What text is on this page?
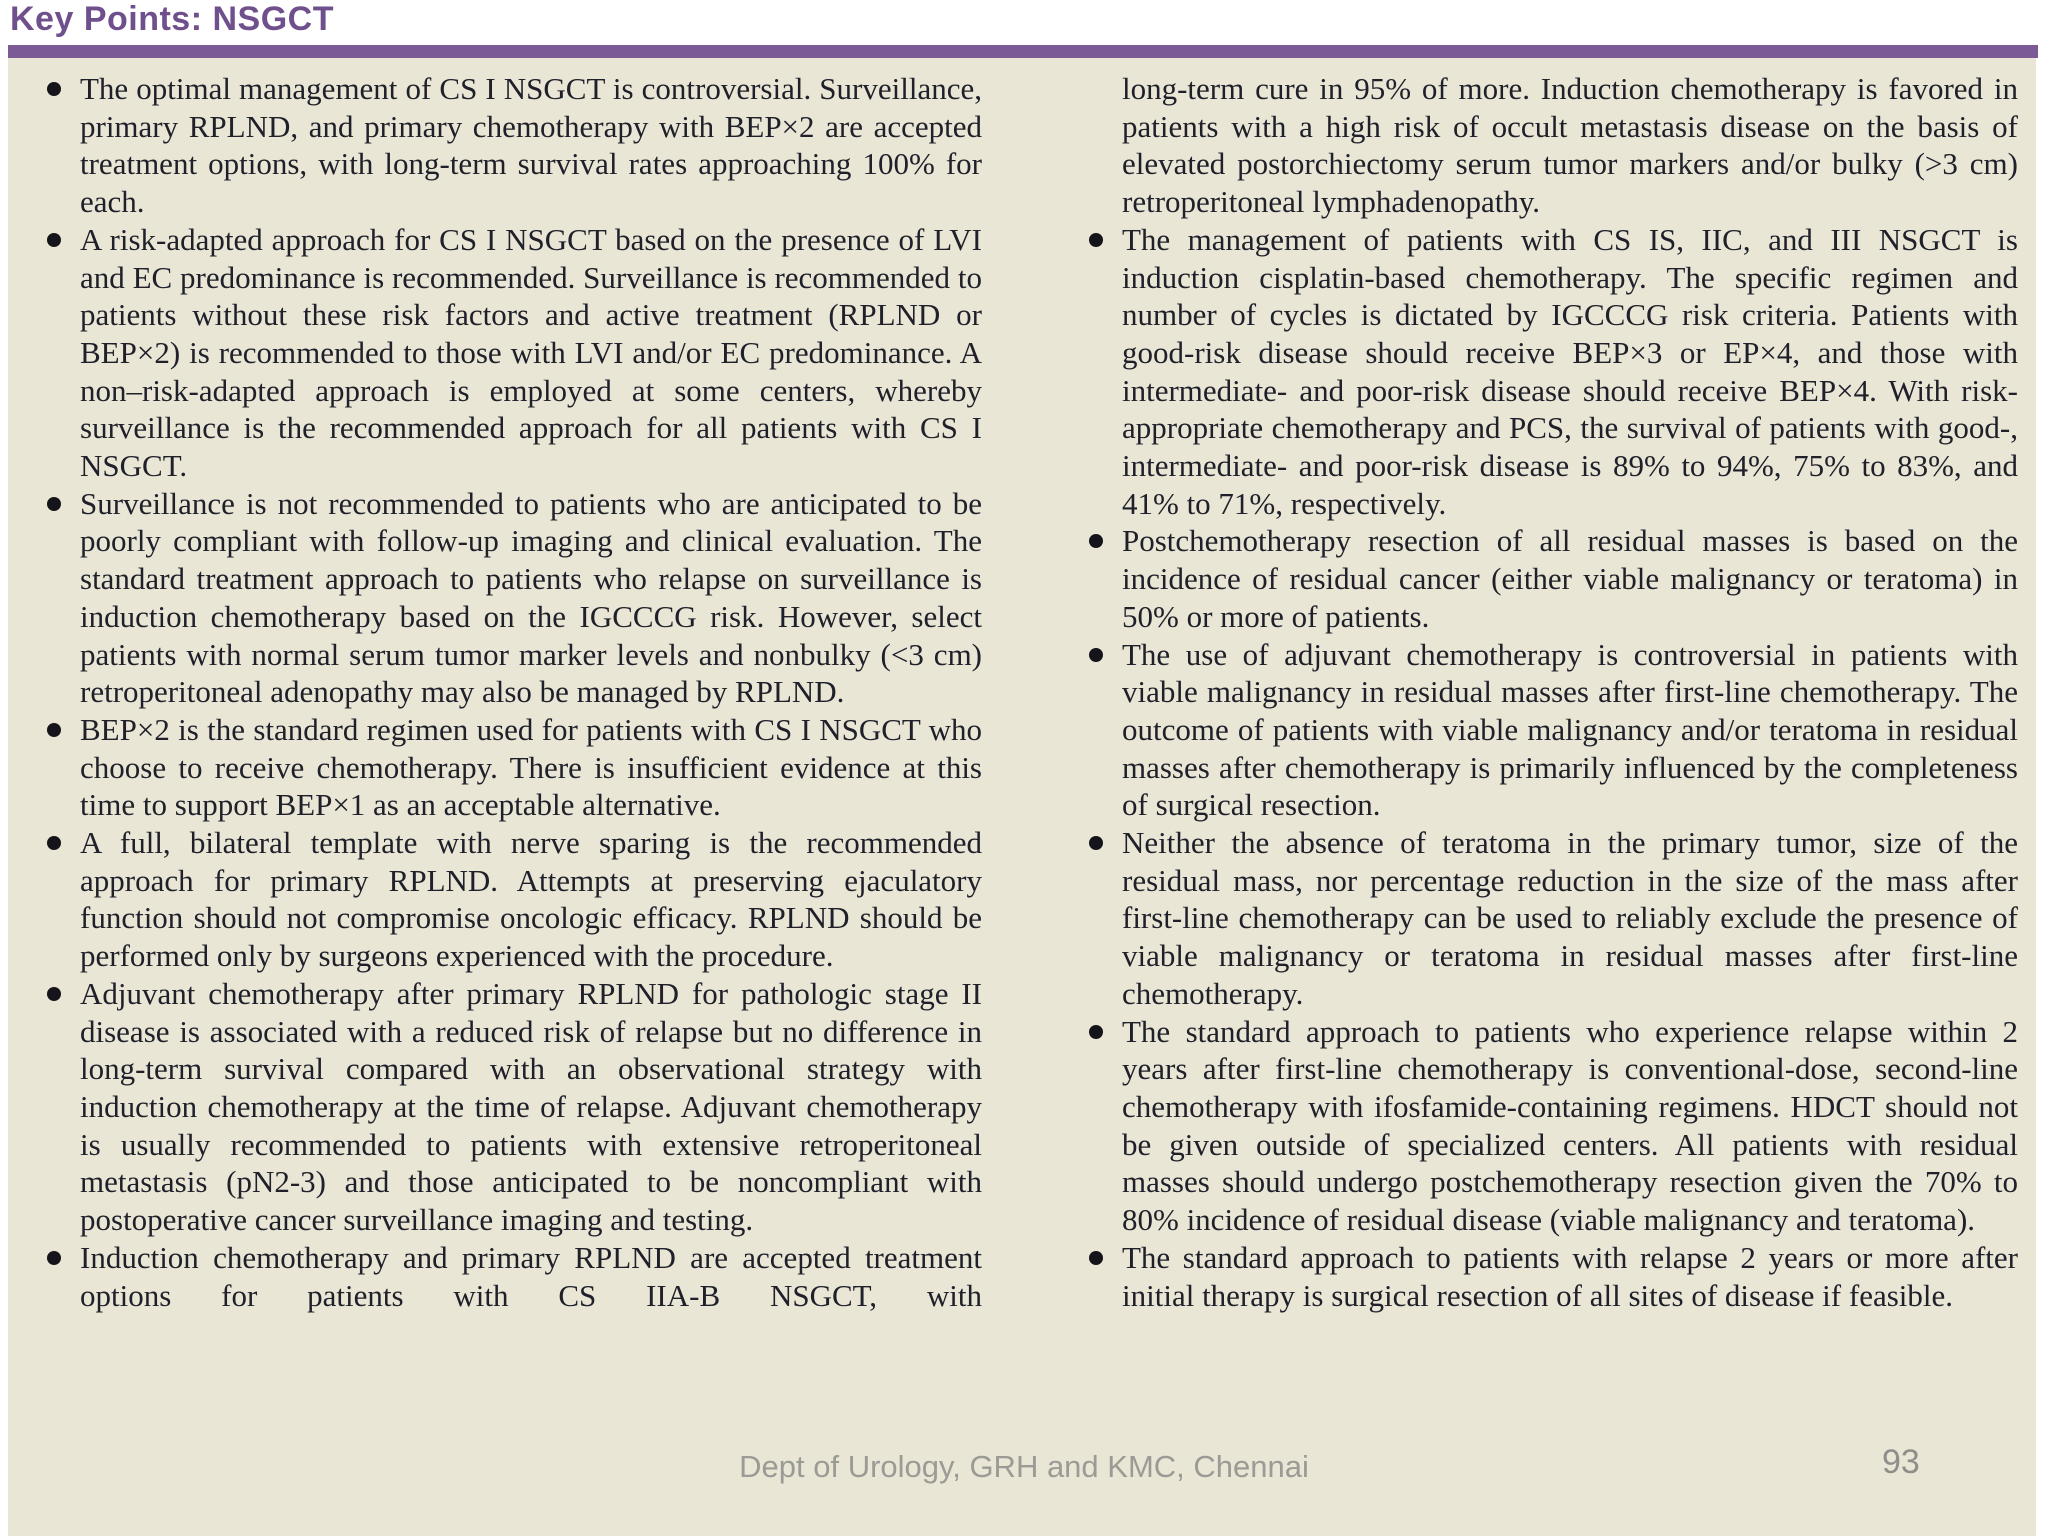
Key Points: NSGCT
The optimal management of CS I NSGCT is controversial. Surveillance, primary RPLND, and primary chemotherapy with BEP×2 are accepted treatment options, with long-term survival rates approaching 100% for each.
A risk-adapted approach for CS I NSGCT based on the presence of LVI and EC predominance is recommended. Surveillance is recommended to patients without these risk factors and active treatment (RPLND or BEP×2) is recommended to those with LVI and/or EC predominance. A non–risk-adapted approach is employed at some centers, whereby surveillance is the recommended approach for all patients with CS I NSGCT.
Surveillance is not recommended to patients who are anticipated to be poorly compliant with follow-up imaging and clinical evaluation. The standard treatment approach to patients who relapse on surveillance is induction chemotherapy based on the IGCCCG risk. However, select patients with normal serum tumor marker levels and nonbulky (<3 cm) retroperitoneal adenopathy may also be managed by RPLND.
BEP×2 is the standard regimen used for patients with CS I NSGCT who choose to receive chemotherapy. There is insufficient evidence at this time to support BEP×1 as an acceptable alternative.
A full, bilateral template with nerve sparing is the recommended approach for primary RPLND. Attempts at preserving ejaculatory function should not compromise oncologic efficacy. RPLND should be performed only by surgeons experienced with the procedure.
Adjuvant chemotherapy after primary RPLND for pathologic stage II disease is associated with a reduced risk of relapse but no difference in long-term survival compared with an observational strategy with induction chemotherapy at the time of relapse. Adjuvant chemotherapy is usually recommended to patients with extensive retroperitoneal metastasis (pN2-3) and those anticipated to be noncompliant with postoperative cancer surveillance imaging and testing.
Induction chemotherapy and primary RPLND are accepted treatment options for patients with CS IIA-B NSGCT, with
long-term cure in 95% of more. Induction chemotherapy is favored in patients with a high risk of occult metastasis disease on the basis of elevated postorchiectomy serum tumor markers and/or bulky (>3 cm) retroperitoneal lymphadenopathy.
The management of patients with CS IS, IIC, and III NSGCT is induction cisplatin-based chemotherapy. The specific regimen and number of cycles is dictated by IGCCCG risk criteria. Patients with good-risk disease should receive BEP×3 or EP×4, and those with intermediate- and poor-risk disease should receive BEP×4. With risk-appropriate chemotherapy and PCS, the survival of patients with good-, intermediate- and poor-risk disease is 89% to 94%, 75% to 83%, and 41% to 71%, respectively.
Postchemotherapy resection of all residual masses is based on the incidence of residual cancer (either viable malignancy or teratoma) in 50% or more of patients.
The use of adjuvant chemotherapy is controversial in patients with viable malignancy in residual masses after first-line chemotherapy. The outcome of patients with viable malignancy and/or teratoma in residual masses after chemotherapy is primarily influenced by the completeness of surgical resection.
Neither the absence of teratoma in the primary tumor, size of the residual mass, nor percentage reduction in the size of the mass after first-line chemotherapy can be used to reliably exclude the presence of viable malignancy or teratoma in residual masses after first-line chemotherapy.
The standard approach to patients who experience relapse within 2 years after first-line chemotherapy is conventional-dose, second-line chemotherapy with ifosfamide-containing regimens. HDCT should not be given outside of specialized centers. All patients with residual masses should undergo postchemotherapy resection given the 70% to 80% incidence of residual disease (viable malignancy and teratoma).
The standard approach to patients with relapse 2 years or more after initial therapy is surgical resection of all sites of disease if feasible.
Dept of Urology, GRH and KMC, Chennai	93
